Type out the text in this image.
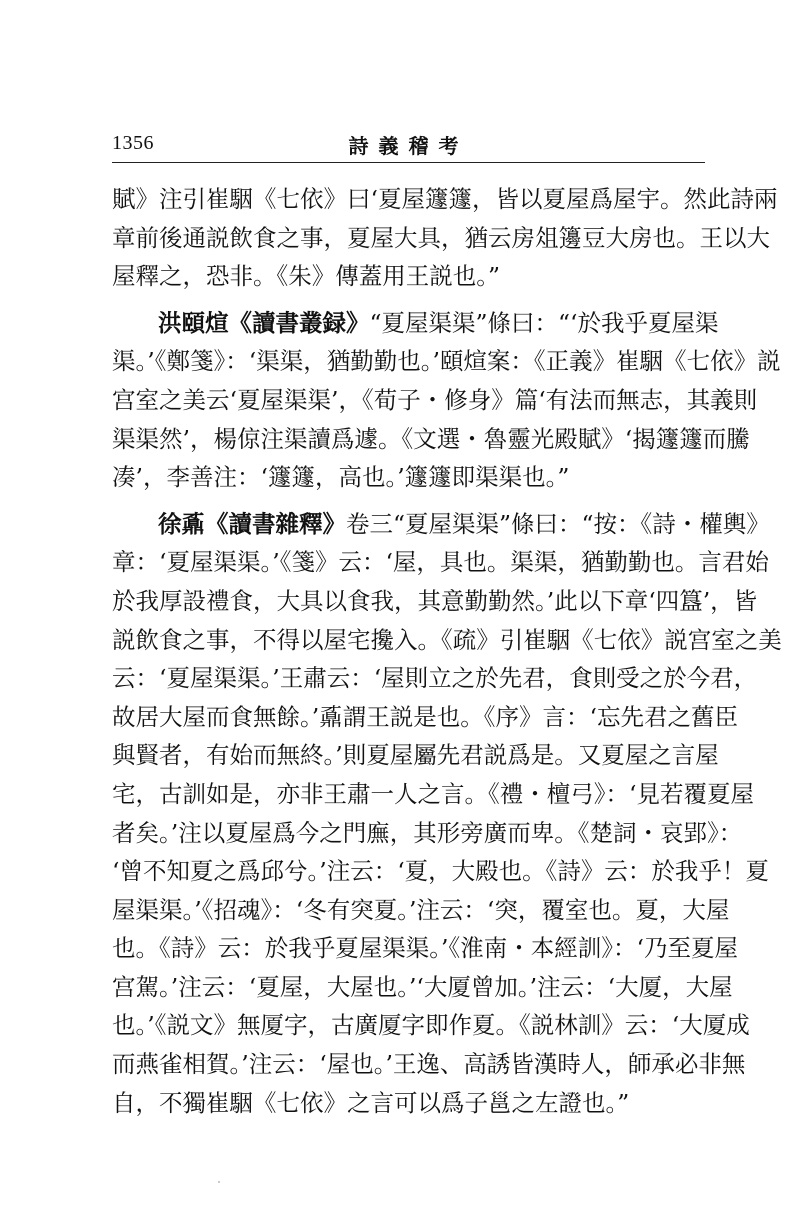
1356	詩義稽考
賦》注引崔駰《七依》曰‘夏屋籧籧，皆以夏屋爲屋宇。然此詩兩
章前後通説飲食之事，夏屋大具，猶云房俎籩豆大房也。王以大
屋釋之，恐非。《朱》傳蓋用王説也。”
洪頤煊《讀書叢録》“夏屋渠渠”條曰：“‘於我乎夏屋渠
渠。’《鄭箋》：‘渠渠，猶勤勤也。’頤煊案：《正義》崔駰《七依》説
宫室之美云‘夏屋渠渠’，《荀子・修身》篇‘有法而無志，其義則
渠渠然’，楊倞注渠讀爲遽。《文選・魯靈光殿賦》‘揭籧籧而騰
凑’，李善注：‘籧籧，高也。’籧籧即渠渠也。”
徐鼒《讀書雜釋》卷三“夏屋渠渠”條曰：“按：《詩・權輿》
章：‘夏屋渠渠。’《箋》云：‘屋，具也。渠渠，猶勤勤也。言君始
於我厚設禮食，大具以食我，其意勤勤然。’此以下章‘四簋’，皆
説飲食之事，不得以屋宅攙入。《疏》引崔駰《七依》説宫室之美
云：‘夏屋渠渠。’王肅云：‘屋則立之於先君，食則受之於今君，
故居大屋而食無餘。’鼒謂王説是也。《序》言：‘忘先君之舊臣
與賢者，有始而無終。’則夏屋屬先君説爲是。又夏屋之言屋
宅，古訓如是，亦非王肅一人之言。《禮・檀弓》：‘見若覆夏屋
者矣。’注以夏屋爲今之門廡，其形旁廣而卑。《楚詞・哀郢》：
‘曾不知夏之爲邱兮。’注云：‘夏，大殿也。《詩》云：於我乎！夏
屋渠渠。’《招魂》：‘冬有突夏。’注云：‘突，覆室也。夏，大屋
也。《詩》云：於我乎夏屋渠渠。’《淮南・本經訓》：‘乃至夏屋
宫駕。’注云：‘夏屋，大屋也。’‘大厦曾加。’注云：‘大厦，大屋
也。’《説文》無厦字，古廣厦字即作夏。《説林訓》云：‘大厦成
而燕雀相賀。’注云：‘屋也。’王逸、高誘皆漢時人，師承必非無
自，不獨崔駰《七依》之言可以爲子邕之左證也。”
